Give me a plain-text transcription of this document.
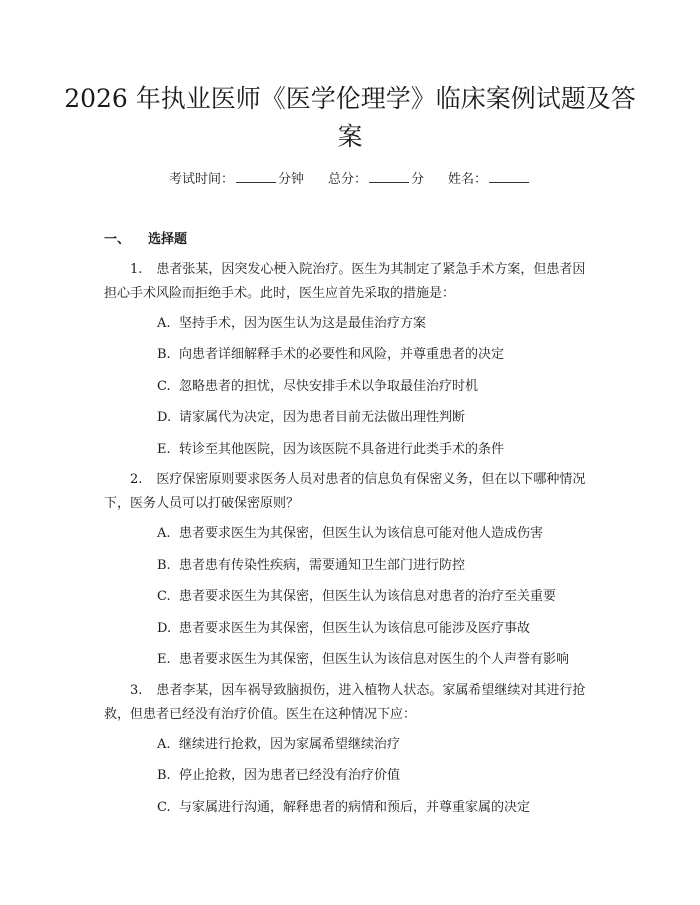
2026 年执业医师《医学伦理学》临床案例试题及答案
考试时间：	分钟 总分：	分 姓名：
一、 选择题

1. 患者张某，因突发心梗入院治疗。医生为其制定了紧急手术方案，但患者因担心手术风险而拒绝手术。此时，医生应首先采取的措施是：

A. 坚持手术，因为医生认为这是最佳治疗方案
B. 向患者详细解释手术的必要性和风险，并尊重患者的决定
C. 忽略患者的担忧，尽快安排手术以争取最佳治疗时机
D. 请家属代为决定，因为患者目前无法做出理性判断
E. 转诊至其他医院，因为该医院不具备进行此类手术的条件

2. 医疗保密原则要求医务人员对患者的信息负有保密义务，但在以下哪种情况下，医务人员可以打破保密原则？

A. 患者要求医生为其保密，但医生认为该信息可能对他人造成伤害
B. 患者患有传染性疾病，需要通知卫生部门进行防控
C. 患者要求医生为其保密，但医生认为该信息对患者的治疗至关重要
D. 患者要求医生为其保密，但医生认为该信息可能涉及医疗事故
E. 患者要求医生为其保密，但医生认为该信息对医生的个人声誉有影响

3. 患者李某，因车祸导致脑损伤，进入植物人状态。家属希望继续对其进行抢救，但患者已经没有治疗价值。医生在这种情况下应：

A. 继续进行抢救，因为家属希望继续治疗
B. 停止抢救，因为患者已经没有治疗价值
C. 与家属进行沟通，解释患者的病情和预后，并尊重家属的决定
